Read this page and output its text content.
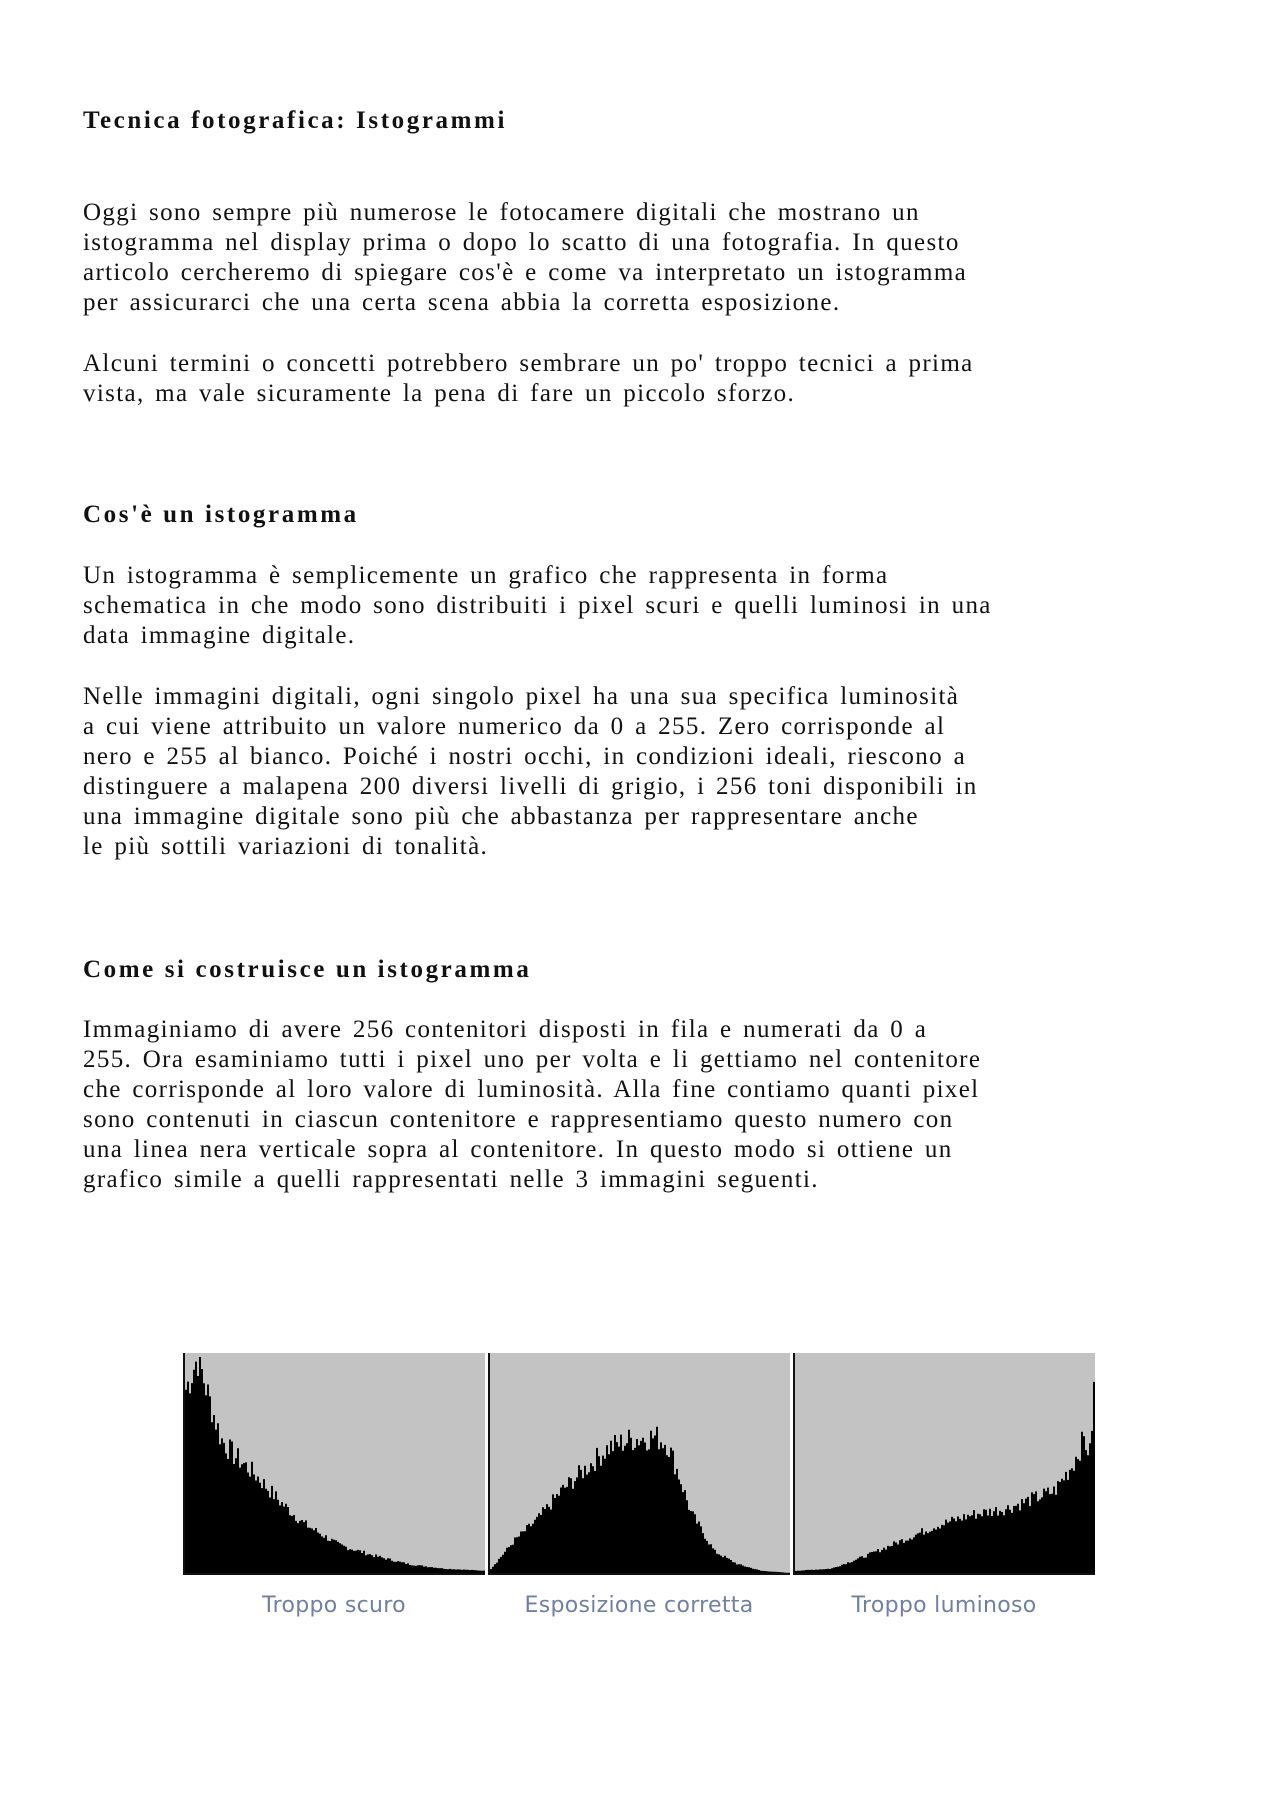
Tecnica fotografica: Istogrammi

Oggi sono sempre più numerose le fotocamere digitali che mostrano un
istogramma nel display prima o dopo lo scatto di una fotografia. In questo
articolo cercheremo di spiegare cos'è e come va interpretato un istogramma
per assicurarci che una certa scena abbia la corretta esposizione.

Alcuni termini o concetti potrebbero sembrare un po' troppo tecnici a prima
vista, ma vale sicuramente la pena di fare un piccolo sforzo.

Cos'è un istogramma

Un istogramma è semplicemente un grafico che rappresenta in forma
schematica in che modo sono distribuiti i pixel scuri e quelli luminosi in una
data immagine digitale.

Nelle immagini digitali, ogni singolo pixel ha una sua specifica luminosità
a cui viene attribuito un valore numerico da 0 a 255. Zero corrisponde al
nero e 255 al bianco. Poiché i nostri occhi, in condizioni ideali, riescono a
distinguere a malapena 200 diversi livelli di grigio, i 256 toni disponibili in
una immagine digitale sono più che abbastanza per rappresentare anche
le più sottili variazioni di tonalità.

Come si costruisce un istogramma

Immaginiamo di avere 256 contenitori disposti in fila e numerati da 0 a
255. Ora esaminiamo tutti i pixel uno per volta e li gettiamo nel contenitore
che corrisponde al loro valore di luminosità. Alla fine contiamo quanti pixel
sono contenuti in ciascun contenitore e rappresentiamo questo numero con
una linea nera verticale sopra al contenitore. In questo modo si ottiene un
grafico simile a quelli rappresentati nelle 3 immagini seguenti.

Troppo scuro	Esposizione corretta	Troppo luminoso
